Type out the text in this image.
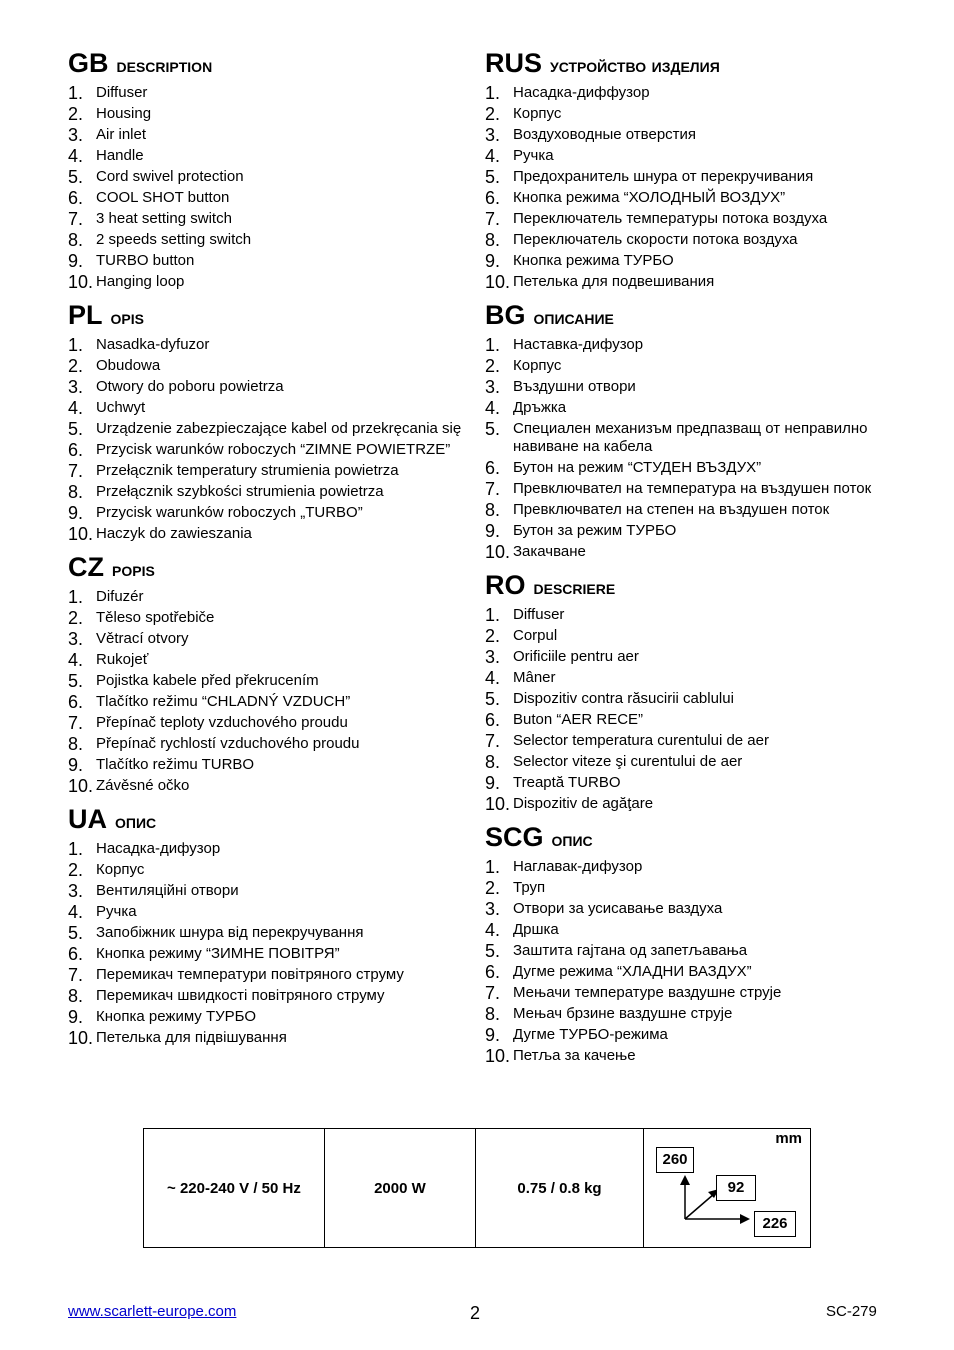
GB description
1. Diffuser
2. Housing
3. Air inlet
4. Handle
5. Cord swivel protection
6. COOL SHOT button
7. 3 heat setting switch
8. 2 speeds setting switch
9. TURBO button
10. Hanging loop
PL opis
1. Nasadka-dyfuzor
2. Obudowa
3. Otwory do poboru powietrza
4. Uchwyt
5. Urządzenie zabezpieczające kabel od przekręcania się
6. Przycisk warunków roboczych “ZIMNE POWIETRZE”
7. Przełącznik temperatury strumienia powietrza
8. Przełącznik szybkości strumienia powietrza
9. Przycisk warunków roboczych „TURBO”
10. Haczyk do zawieszania
CZ popis
1. Difuzér
2. Těleso spotřebiče
3. Větrací otvory
4. Rukojeť
5. Pojistka kabele před překrucením
6. Tlačítko režimu “CHLADNÝ VZDUCH”
7. Přepínač teploty vzduchového proudu
8. Přepínač rychlostí vzduchového proudu
9. Tlačítko režimu TURBO
10. Závěsné očko
UA опис
1. Насадка-дифузор
2. Корпус
3. Вентиляційні отвори
4. Ручка
5. Запобіжник шнура від перекручування
6. Кнопка режиму “ЗИМНЕ ПОВІТРЯ”
7. Перемикач температури повітряного струму
8. Перемикач швидкості повітряного струму
9. Кнопка режиму ТУРБО
10. Петелька для підвішування
RUS устройство изделия
1. Насадка-диффузор
2. Корпус
3. Воздуховодные отверстия
4. Ручка
5. Предохранитель шнура от перекручивания
6. Кнопка режима “ХОЛОДНЫЙ ВОЗДУХ”
7. Переключатель температуры потока воздуха
8. Переключатель скорости потока воздуха
9. Кнопка режима ТУРБО
10. Петелька для подвешивания
BG описание
1. Наставка-дифузор
2. Корпус
3. Въздушни отвори
4. Дръжка
5. Специален механизъм предпазващ от неправилно навиване на кабела
6. Бутон на режим “СТУДЕН ВЪЗДУХ”
7. Превключвател на температура на въздушен поток
8. Превключвател на степен на въздушен поток
9. Бутон за режим ТУРБО
10. Закачване
RO descriere
1. Diffuser
2. Corpul
3. Orificiile pentru aer
4. Mâner
5. Dispozitiv contra răsucirii cablului
6. Buton “AER RECE”
7. Selector temperatura curentului de aer
8. Selector viteze şi curentului de aer
9. Treaptă TURBO
10. Dispozitiv de agăţare
SCG опис
1. Наглавак-дифузор
2. Труп
3. Отвори за усисавање ваздуха
4. Дршка
5. Заштита гајтана од запетљавања
6. Дугме режима “ХЛАДНИ ВАЗДУХ”
7. Мењачи температуре ваздушне струје
8. Мењач брзине ваздушне струје
9. Дугме ТУРБО-режима
10. Петља за качење
~ 220-240 V / 50 Hz	2000 W	0.75 / 0.8 kg	
mm
260
92
226
www.scarlett-europe.com	2	SC-279
